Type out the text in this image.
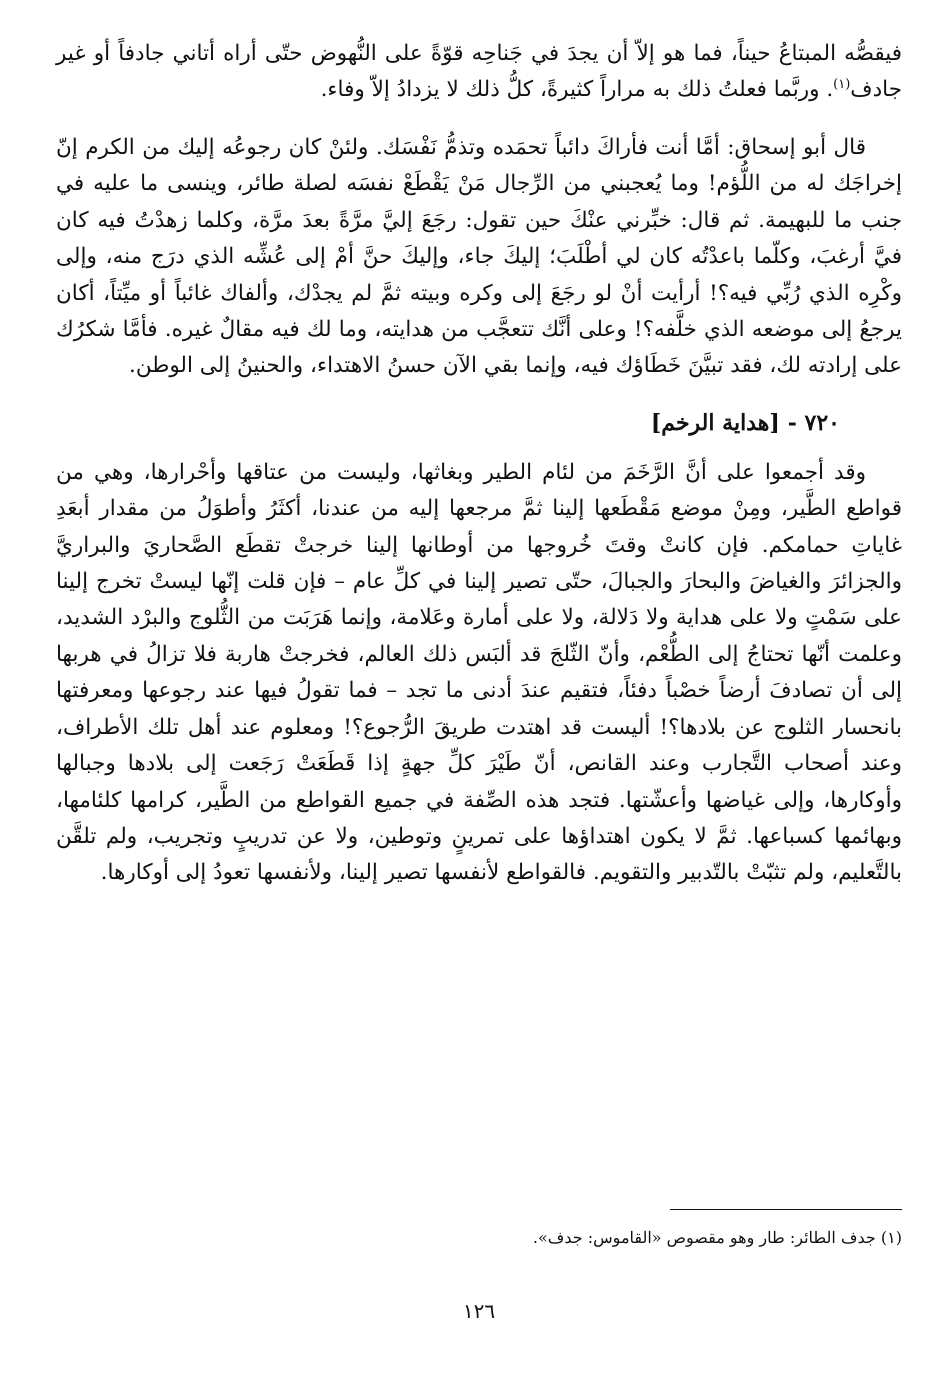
فيقصُّه المبتاعُ حيناً، فما هو إلاّ أن يجدَ في جَناحِه قوّةً على النُّهوض حتّى أراه أتاني جادفاً أو غير جادف$^{(١)}$. وربَّما فعلتُ ذلك به مراراً كثيرةً، كلُّ ذلك لا يزدادُ إلاّ وفاء.

قال أبو إسحاق: أمَّا أنت فأراكَ دائباً تحمَده وتذمُّ نَفْسَك. ولئنْ كان رجوعُه إليك من الكرم إنّ إخراجَك له من اللُّؤم! وما يُعجبني من الرِّجال مَنْ يَقْطَعْ نفسَه لصلة طائر، وينسى ما عليه في جنب ما للبهيمة. ثم قال: خبِّرني عنْكَ حين تقول: رجَعَ إليَّ مرَّةً بعدَ مرَّة، وكلما زهدْتُ فيه كان فيَّ أرغبَ، وكلّما باعدْتُه كان لي أطْلَبَ؛ إليكَ جاء، وإليكَ حنَّ أمْ إلى عُشِّه الذي درَج منه، وإلى وكْرِه الذي رُبِّي فيه؟! أرأيت أنْ لو رجَعَ إلى وكره وبيته ثمَّ لم يجدْك، وألفاك غائباً أو ميِّتاً، أكان يرجعُ إلى موضعه الذي خلَّفه؟! وعلى أنَّك تتعجَّب من هدايته، وما لك فيه مقالٌ غيره. فأمَّا شكرُك على إرادته لك، فقد تبيَّنَ خَطَاؤك فيه، وإنما بقي الآن حسنُ الاهتداء، والحنينُ إلى الوطن.

٧٢٠ -[هداية الرخم]

وقد أجمعوا على أنَّ الرَّخَمَ من لئام الطير وبغاثها، وليست من عتاقها وأحْرارها، وهي من قواطع الطَّير، ومِنْ موضع مَقْطَعها إلينا ثمَّ مرجعها إليه من عندنا، أكثَرُ وأطوَلُ من مقدار أبعَدِ غاياتِ حمامكم. فإن كانتْ وقتَ خُروجها من أوطانها إلينا خرجتْ تقطَع الصَّحاريَ والبراريَّ والجزائرَ والغياضَ والبحارَ والجبالَ، حتّى تصير إلينا في كلِّ عام – فإن قلت إنّها ليستْ تخرج إلينا على سَمْتٍ ولا على هداية ولا دَلالة، ولا على أمارة وعَلامة، وإنما هَرَبَت من الثُّلوج والبرْد الشديد، وعلمت أنّها تحتاجُ إلى الطُّعْم، وأنّ الثّلجَ قد ألبَس ذلك العالم، فخرجتْ هاربة فلا تزالُ في هربها إلى أن تصادفَ أرضاً خصْباً دفئاً، فتقيم عندَ أدنى ما تجد – فما تقولُ فيها عند رجوعها ومعرفتها بانحسار الثلوج عن بلادها؟! أليست قد اهتدت طريقَ الرُّجوع؟! ومعلوم عند أهل تلك الأطراف، وعند أصحاب التَّجارب وعند القانص، أنّ طَيْرَ كلِّ جهةٍ إذا قَطَعَتْ رَجَعت إلى بلادها وجبالها وأوكارها، وإلى غياضها وأعشّتها. فتجد هذه الصِّفة في جميع القواطع من الطَّير، كرامها كلئامها، وبهائمها كسباعها. ثمَّ لا يكون اهتداؤها على تمرينٍ وتوطين، ولا عن تدريبٍ وتجريب، ولم تلقَّن بالتَّعليم، ولم تثبّتْ بالتّدبير والتقويم. فالقواطع لأنفسها تصير إلينا، ولأنفسها تعودُ إلى أوكارها.

(١) جدف الطائر: طار وهو مقصوص «القاموس: جدف».

١٢٦
